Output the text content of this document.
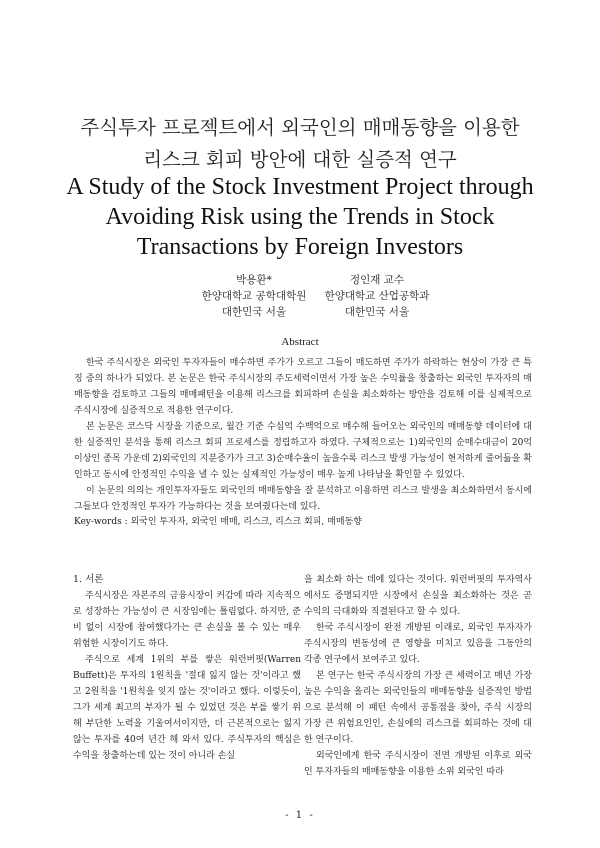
주식투자 프로젝트에서 외국인의 매매동향을 이용한
리스크 회피 방안에 대한 실증적 연구
A Study of the Stock Investment Project through
Avoiding Risk using the Trends in Stock
Transactions by Foreign Investors
박용환*
한양대학교 공학대학원
대한민국 서울
정인재 교수
한양대학교 산업공학과
대한민국 서울
Abstract

한국 주식시장은 외국인 투자자들이 매수하면 주가가 오르고 그들이 매도하면 주가가 하락하는 현상이 가장 큰 특징 중의 하나가 되었다. 본 논문은 한국 주식시장의 주도세력이면서 가장 높은 수익률을 창출하는 외국인 투자자의 매매동향을 검토하고 그들의 매매패턴을 이용해 리스크를 회피하며 손실을 최소화하는 방안을 검토해 이를 실제적으로 주식시장에 실증적으로 적용한 연구이다.

본 논문은 코스닥 시장을 기준으로, 월간 기준 수십억 수백억으로 매수해 들어오는 외국인의 매매동향 데이터에 대한 실증적인 분석을 통해 리스크 회피 프로세스를 정립하고자 하였다. 구체적으로는 1)외국인의 순매수대금이 20억 이상인 종목 가운데 2)외국인의 지분증가가 크고 3)순매수율이 높을수록 리스크 발생 가능성이 현저하게 줄어듦을 확인하고 동시에 안정적인 수익을 낼 수 있는 실제적인 가능성이 매우 높게 나타남을 확인할 수 있었다.

이 논문의 의의는 개인투자자들도 외국인의 매매동향을 잘 분석하고 이용하면 리스크 발생을 최소화하면서 동시에 그들보다 안정적인 투자가 가능하다는 것을 보여줬다는데 있다.

Key-words : 외국인 투자자, 외국인 매매, 리스크, 리스크 회피, 매매동향

1. 서론

주식시장은 자본주의 금융시장이 커감에 따라 지속적으로 성장하는 가능성이 큰 시장임에는 틀림없다. 하지만, 준비 없이 시장에 참여했다가는 큰 손실을 볼 수 있는 매우 위험한 시장이기도 하다.

주식으로 세계 1위의 부를 쌓은 워런버핏(Warren Buffett)은 투자의 1원칙을 '절대 잃지 않는 것'이라고 했고 2원칙을 '1원칙을 잊지 않는 것'이라고 했다. 이렇듯이, 그가 세계 최고의 부자가 될 수 있었던 것은 부를 쌓기 위해 부단한 노력을 기울여서이지만, 더 근본적으로는 잃지 않는 투자를 40여 년간 해 와서 있다. 주식투자의 핵심은 수익을 창출하는데 있는 것이 아니라 손실

을 최소화 하는 데에 있다는 것이다. 워런버핏의 투자역사에서도 증명되지만 시장에서 손실을 최소화하는 것은 곧 수익의 극대화와 직결된다고 할 수 있다.

한국 주식시장이 완전 개방된 이래로, 외국인 투자자가 주식시장의 변동성에 큰 영향을 미치고 있음을 그동안의 각종 연구에서 보여주고 있다.

본 연구는 한국 주식시장의 가장 큰 세력이고 매년 가장 높은 수익을 올리는 외국인들의 매매동향을 실증적인 방법으로 분석해 이 패턴 속에서 공통점을 찾아, 주식 시장의 가장 큰 위험요인인, 손실에의 리스크를 회피하는 것에 대한 연구이다.

외국인에게 한국 주식시장이 전면 개방된 이후로 외국인 투자자들의 매매동향을 이용한 소위 외국인 따라

- 1 -
